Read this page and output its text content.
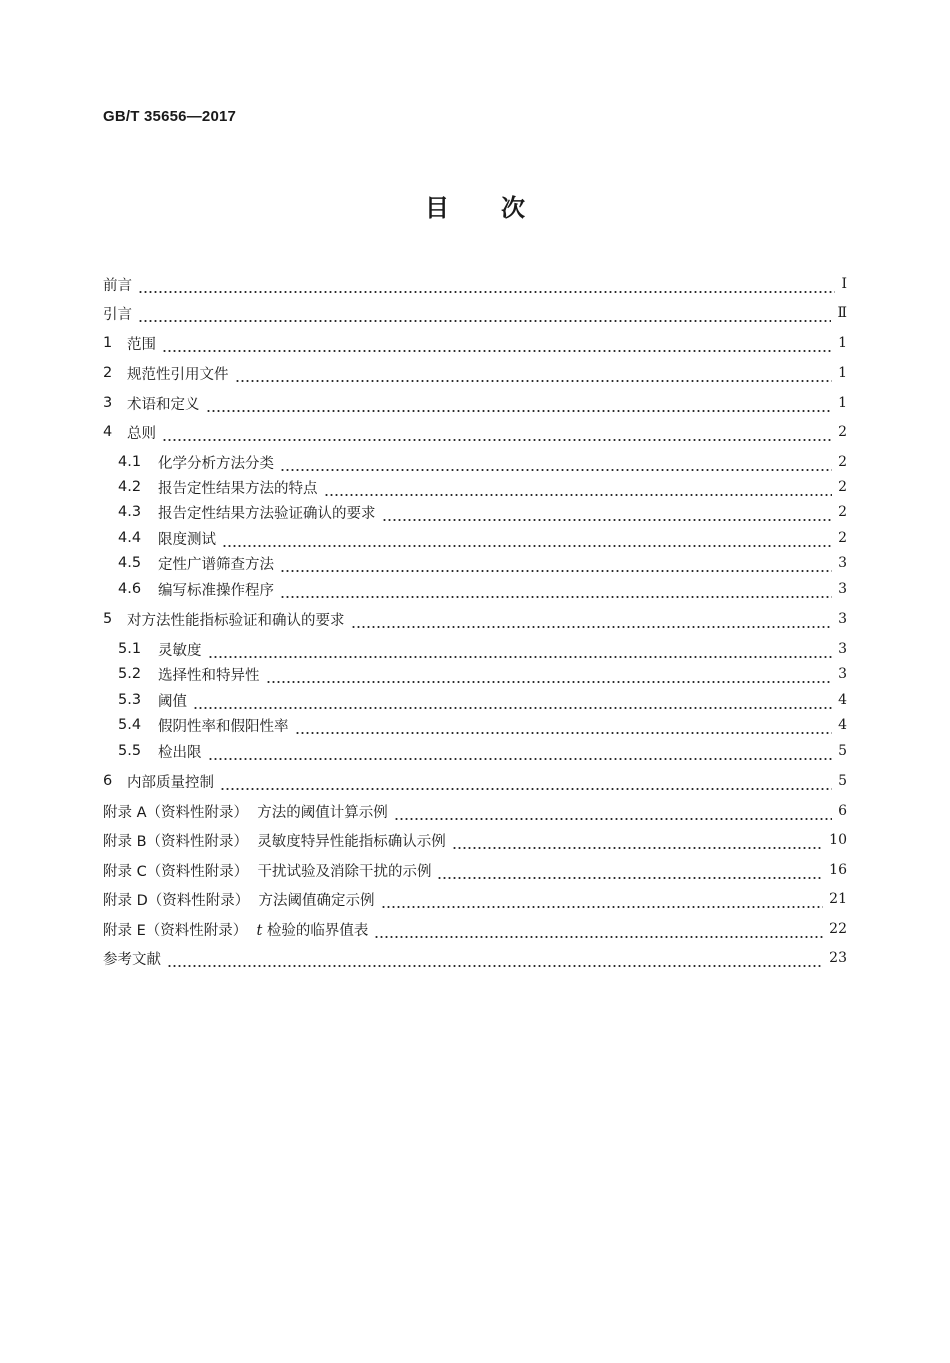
GB/T 35656—2017
目 次
前言	Ⅰ
引言	Ⅱ
1	范围	1
2	规范性引用文件	1
3	术语和定义	1
4	总则	2
4.1	化学分析方法分类	2
4.2	报告定性结果方法的特点	2
4.3	报告定性结果方法验证确认的要求	2
4.4	限度测试	2
4.5	定性广谱筛查方法	3
4.6	编写标准操作程序	3
5	对方法性能指标验证和确认的要求	3
5.1	灵敏度	3
5.2	选择性和特异性	3
5.3	阈值	4
5.4	假阴性率和假阳性率	4
5.5	检出限	5
6	内部质量控制	5
附录 A（资料性附录）  方法的阈值计算示例	6
附录 B（资料性附录）  灵敏度特异性能指标确认示例	10
附录 C（资料性附录）  干扰试验及消除干扰的示例	16
附录 D（资料性附录）  方法阈值确定示例	21
附录 E（资料性附录）  t 检验的临界值表	22
参考文献	23
